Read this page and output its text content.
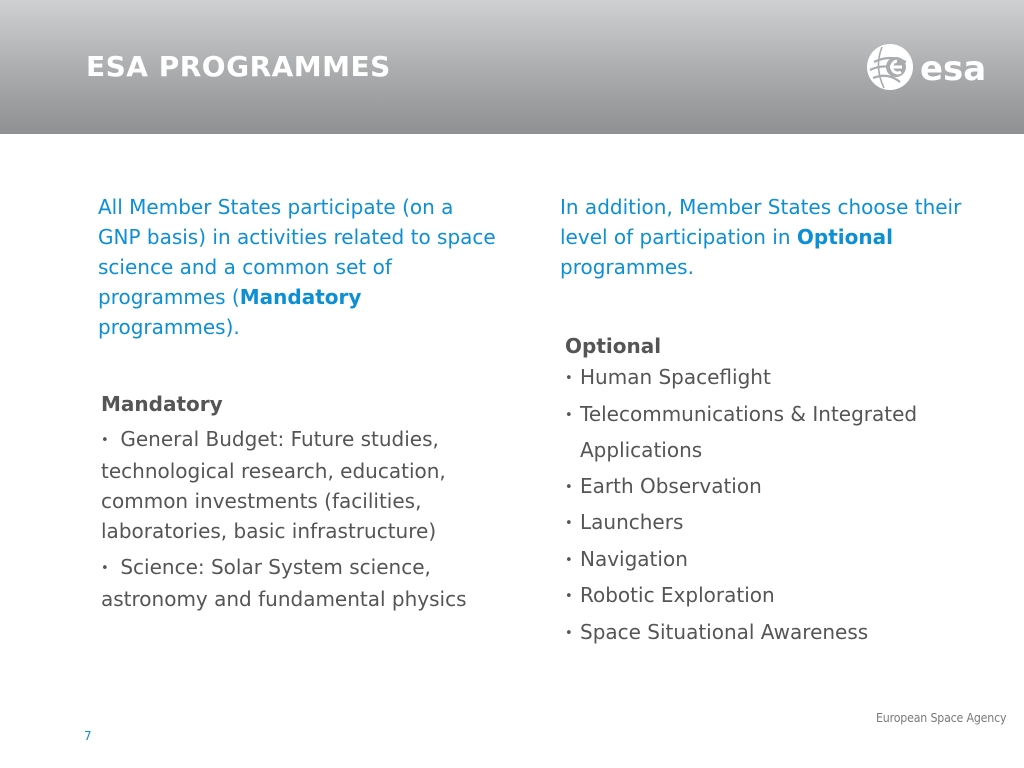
ESA PROGRAMMES	esa

All Member States participate (on a GNP basis) in activities related to space science and a common set of programmes (Mandatory programmes).

Mandatory

• General Budget: Future studies, technological research, education, common investments (facilities, laboratories, basic infrastructure)
• Science: Solar System science, astronomy and fundamental physics

In addition, Member States choose their level of participation in Optional programmes.

Optional

• Human Spaceflight
• Telecommunications & Integrated Applications
• Earth Observation
• Launchers
• Navigation
• Robotic Exploration
• Space Situational Awareness
European Space Agency
7
